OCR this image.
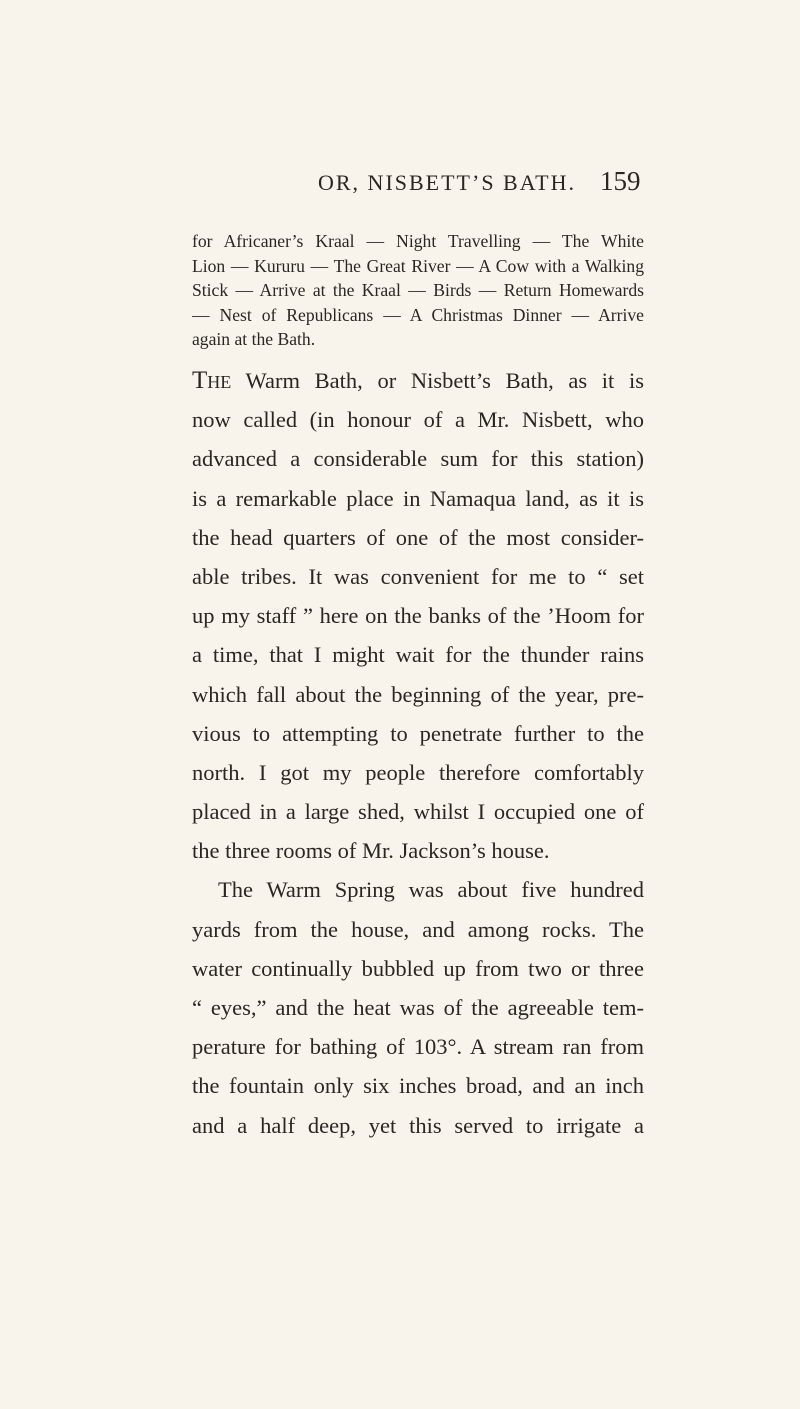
OR, NISBETT’S BATH. 159
for Africaner’s Kraal — Night Travelling — The White
Lion — Kururu — The Great River — A Cow with a Walking
Stick — Arrive at the Kraal — Birds — Return Homewards
— Nest of Republicans — A Christmas Dinner — Arrive
again at the Bath.
The Warm Bath, or Nisbett’s Bath, as it is
now called (in honour of a Mr. Nisbett, who
advanced a considerable sum for this station)
is a remarkable place in Namaqua land, as it is
the head quarters of one of the most consider-
able tribes. It was convenient for me to “ set
up my staff ” here on the banks of the ’Hoom for
a time, that I might wait for the thunder rains
which fall about the beginning of the year, pre-
vious to attempting to penetrate further to the
north. I got my people therefore comfortably
placed in a large shed, whilst I occupied one of
the three rooms of Mr. Jackson’s house.
The Warm Spring was about five hundred
yards from the house, and among rocks. The
water continually bubbled up from two or three
“ eyes,” and the heat was of the agreeable tem-
perature for bathing of 103°. A stream ran from
the fountain only six inches broad, and an inch
and a half deep, yet this served to irrigate a
